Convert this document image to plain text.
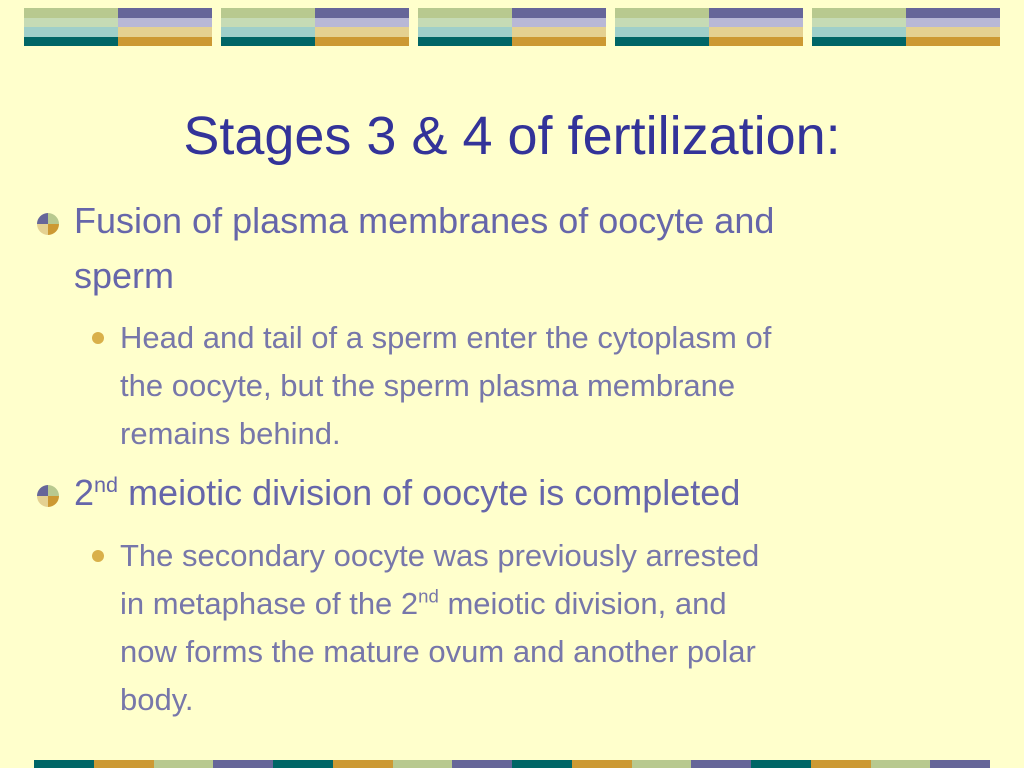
Stages 3 & 4 of fertilization:
Fusion of plasma membranes of oocyte and
sperm
Head and tail of a sperm enter the cytoplasm of
the oocyte, but the sperm plasma membrane
remains behind.
2nd meiotic division of oocyte is completed
The secondary oocyte was previously arrested
in metaphase of the 2nd meiotic division, and
now forms the mature ovum and another polar
body.
